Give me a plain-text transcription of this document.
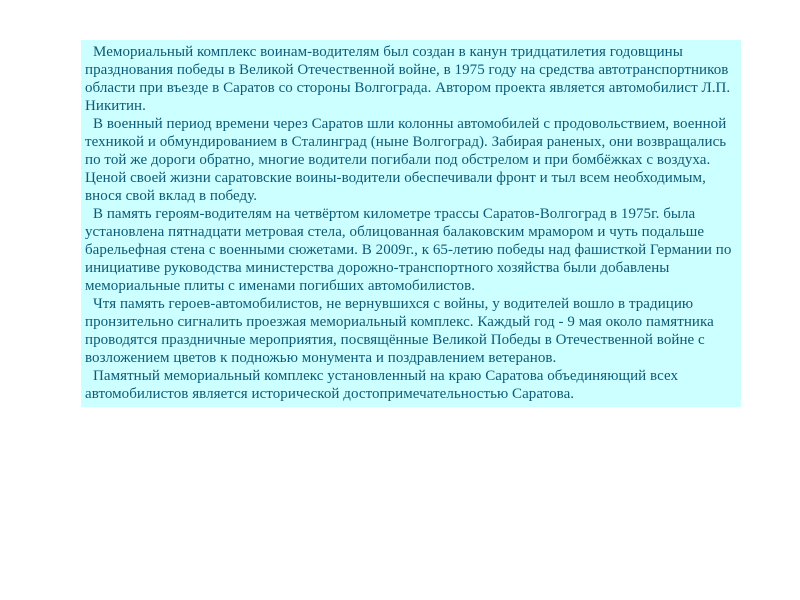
Мемориальный комплекс воинам-водителям был создан в канун тридцатилетия годовщины празднования победы в Великой Отечественной войне, в 1975 году на средства автотранспортников области при въезде в Саратов со стороны Волгограда. Автором проекта является автомобилист Л.П. Никитин.

В военный период времени через Саратов шли колонны автомобилей с продовольствием, военной техникой и обмундированием в Сталинград (ныне Волгоград). Забирая раненых, они возвращались по той же дороги обратно, многие водители погибали под обстрелом и при бомбёжках с воздуха. Ценой своей жизни саратовские воины-водители обеспечивали фронт и тыл всем необходимым, внося свой вклад в победу.

В память героям-водителям на четвёртом километре трассы Саратов-Волгоград в 1975г. была установлена пятнадцати метровая стела, облицованная балаковским мрамором и чуть подальше барельефная стена с военными сюжетами. В 2009г., к 65-летию победы над фашисткой Германии по инициативе руководства министерства дорожно-транспортного хозяйства были добавлены мемориальные плиты с именами погибших автомобилистов.

Чтя память героев-автомобилистов, не вернувшихся с войны, у водителей вошло в традицию пронзительно сигналить проезжая мемориальный комплекс. Каждый год - 9 мая около памятника проводятся праздничные мероприятия, посвящённые Великой Победы в Отечественной войне с возложением цветов к подножью монумента и поздравлением ветеранов.

Памятный мемориальный комплекс установленный на краю Саратова объединяющий всех автомобилистов является исторической достопримечательностью Саратова.
